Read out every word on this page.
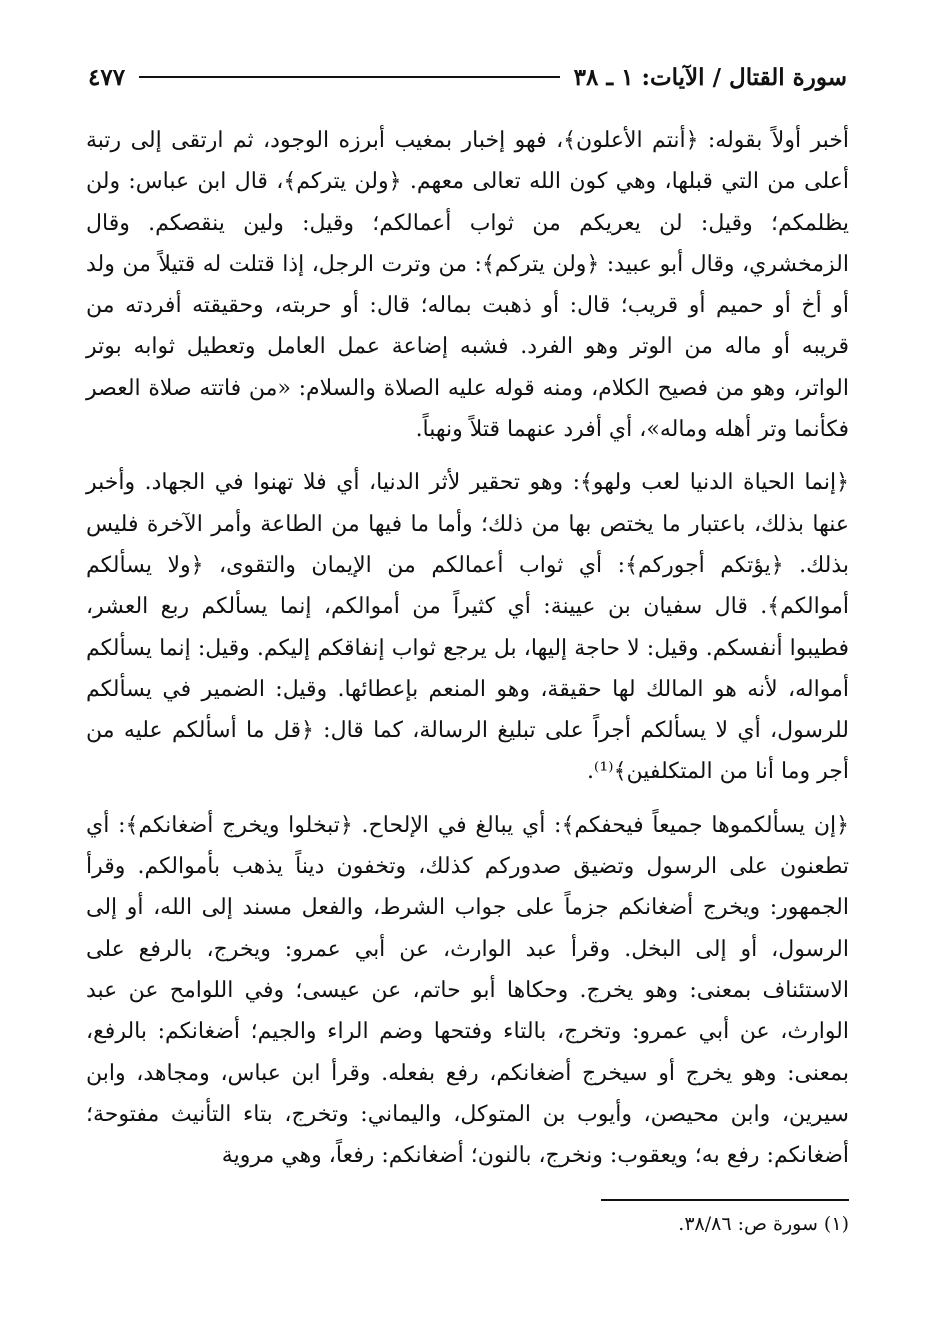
سورة القتال / الآيات: ١ ـ ٣٨
٤٧٧

أخبر أولاً بقوله: ﴿أنتم الأعلون﴾، فهو إخبار بمغيب أبرزه الوجود، ثم ارتقى إلى رتبة أعلى من التي قبلها، وهي كون الله تعالى معهم. ﴿ولن يتركم﴾، قال ابن عباس: ولن يظلمكم؛ وقيل: لن يعريكم من ثواب أعمالكم؛ وقيل: ولين ينقصكم. وقال الزمخشري، وقال أبو عبيد: ﴿ولن يتركم﴾: من وترت الرجل، إذا قتلت له قتيلاً من ولد أو أخ أو حميم أو قريب؛ قال: أو ذهبت بماله؛ قال: أو حربته، وحقيقته أفردته من قريبه أو ماله من الوتر وهو الفرد. فشبه إضاعة عمل العامل وتعطيل ثوابه بوتر الواتر، وهو من فصيح الكلام، ومنه قوله عليه الصلاة والسلام: «من فاتته صلاة العصر فكأنما وتر أهله وماله»، أي أفرد عنهما قتلاً ونهباً.

﴿إنما الحياة الدنيا لعب ولهو﴾: وهو تحقير لأثر الدنيا، أي فلا تهنوا في الجهاد. وأخبر عنها بذلك، باعتبار ما يختص بها من ذلك؛ وأما ما فيها من الطاعة وأمر الآخرة فليس بذلك. ﴿يؤتكم أجوركم﴾: أي ثواب أعمالكم من الإيمان والتقوى، ﴿ولا يسألكم أموالكم﴾. قال سفيان بن عيينة: أي كثيراً من أموالكم، إنما يسألكم ربع العشر، فطيبوا أنفسكم. وقيل: لا حاجة إليها، بل يرجع ثواب إنفاقكم إليكم. وقيل: إنما يسألكم أمواله، لأنه هو المالك لها حقيقة، وهو المنعم بإعطائها. وقيل: الضمير في يسألكم للرسول، أي لا يسألكم أجراً على تبليغ الرسالة، كما قال: ﴿قل ما أسألكم عليه من أجر وما أنا من المتكلفين﴾⁽¹⁾.

﴿إن يسألكموها جميعاً فيحفكم﴾: أي يبالغ في الإلحاح. ﴿تبخلوا ويخرج أضغانكم﴾: أي تطعنون على الرسول وتضيق صدوركم كذلك، وتخفون ديناً يذهب بأموالكم. وقرأ الجمهور: ويخرج أضغانكم جزماً على جواب الشرط، والفعل مسند إلى الله، أو إلى الرسول، أو إلى البخل. وقرأ عبد الوارث، عن أبي عمرو: ويخرج، بالرفع على الاستئناف بمعنى: وهو يخرج. وحكاها أبو حاتم، عن عيسى؛ وفي اللوامح عن عبد الوارث، عن أبي عمرو: وتخرج، بالتاء وفتحها وضم الراء والجيم؛ أضغانكم: بالرفع، بمعنى: وهو يخرج أو سيخرج أضغانكم، رفع بفعله. وقرأ ابن عباس، ومجاهد، وابن سيرين، وابن محيصن، وأيوب بن المتوكل، واليماني: وتخرج، بتاء التأنيث مفتوحة؛ أضغانكم: رفع به؛ ويعقوب: ونخرج، بالنون؛ أضغانكم: رفعاً، وهي مروية

(١) سورة ص: ٣٨/٨٦.
